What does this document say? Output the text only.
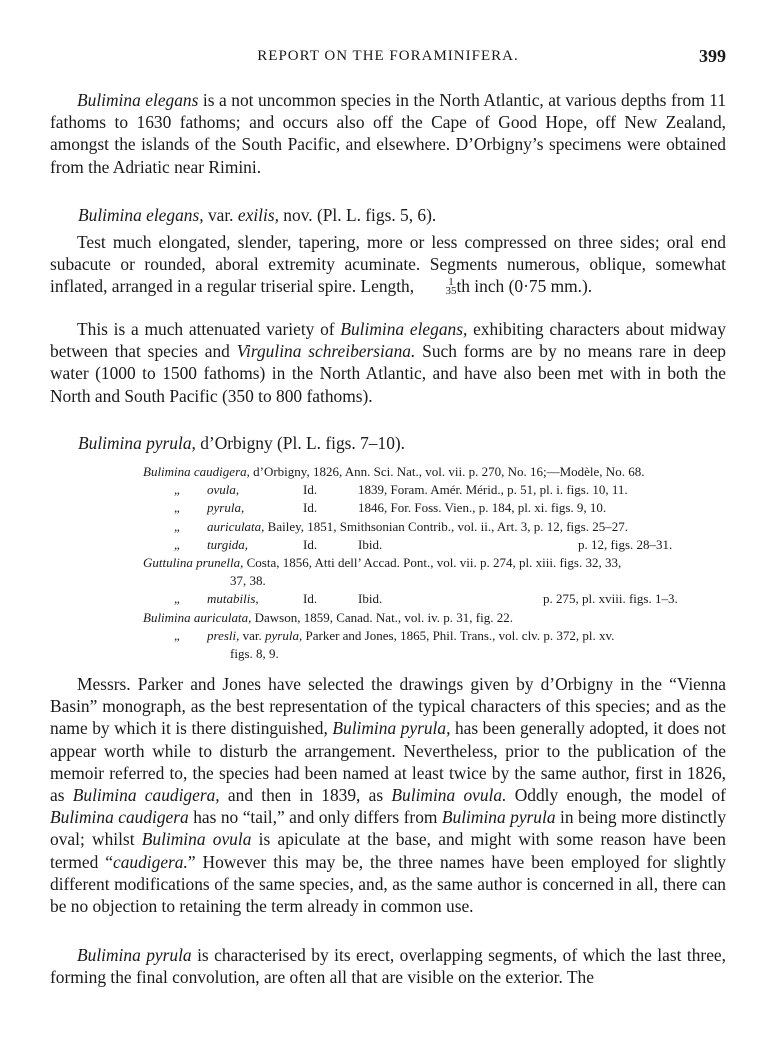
REPORT ON THE FORAMINIFERA.	399
Bulimina elegans is a not uncommon species in the North Atlantic, at various depths from 11 fathoms to 1630 fathoms; and occurs also off the Cape of Good Hope, off New Zealand, amongst the islands of the South Pacific, and elsewhere. D’Orbigny’s specimens were obtained from the Adriatic near Rimini.
Bulimina elegans, var. exilis, nov. (Pl. L. figs. 5, 6).
Test much elongated, slender, tapering, more or less compressed on three sides; oral end subacute or rounded, aboral extremity acuminate. Segments numerous, oblique, somewhat inflated, arranged in a regular triserial spire. Length,	1
35 th inch (0·75 mm.).
This is a much attenuated variety of Bulimina elegans, exhibiting characters about midway between that species and Virgulina schreibersiana. Such forms are by no means rare in deep water (1000 to 1500 fathoms) in the North Atlantic, and have also been met with in both the North and South Pacific (350 to 800 fathoms).
Bulimina pyrula, d’Orbigny (Pl. L. figs. 7–10).
Bulimina caudigera, d’Orbigny, 1826, Ann. Sci. Nat., vol. vii. p. 270, No. 16;—Modèle, No. 68.
„ ovula,	Id.	1839, Foram. Amér. Mérid., p. 51, pl. i. figs. 10, 11.
„ pyrula,	Id.	1846, For. Foss. Vien., p. 184, pl. xi. figs. 9, 10.
„ auriculata, Bailey, 1851, Smithsonian Contrib., vol. ii., Art. 3, p. 12, figs. 25–27.
„ turgida,	Id.	Ibid.	p. 12, figs. 28–31.
Guttulina prunella, Costa, 1856, Atti dell’ Accad. Pont., vol. vii. p. 274, pl. xiii. figs. 32, 33,
37, 38.
„ mutabilis,	Id.	Ibid.	p. 275, pl. xviii. figs. 1–3.
Bulimina auriculata, Dawson, 1859, Canad. Nat., vol. iv. p. 31, fig. 22.
„ presli, var. pyrula, Parker and Jones, 1865, Phil. Trans., vol. clv. p. 372, pl. xv.
figs. 8, 9.
Messrs. Parker and Jones have selected the drawings given by d’Orbigny in the “Vienna Basin” monograph, as the best representation of the typical characters of this species; and as the name by which it is there distinguished, Bulimina pyrula, has been generally adopted, it does not appear worth while to disturb the arrangement. Nevertheless, prior to the publication of the memoir referred to, the species had been named at least twice by the same author, first in 1826, as Bulimina caudigera, and then in 1839, as Bulimina ovula. Oddly enough, the model of Bulimina caudigera has no “tail,” and only differs from Bulimina pyrula in being more distinctly oval; whilst Bulimina ovula is apiculate at the base, and might with some reason have been termed “caudigera.” However this may be, the three names have been employed for slightly different modifications of the same species, and, as the same author is concerned in all, there can be no objection to retaining the term already in common use.
Bulimina pyrula is characterised by its erect, overlapping segments, of which the last three, forming the final convolution, are often all that are visible on the exterior. The
